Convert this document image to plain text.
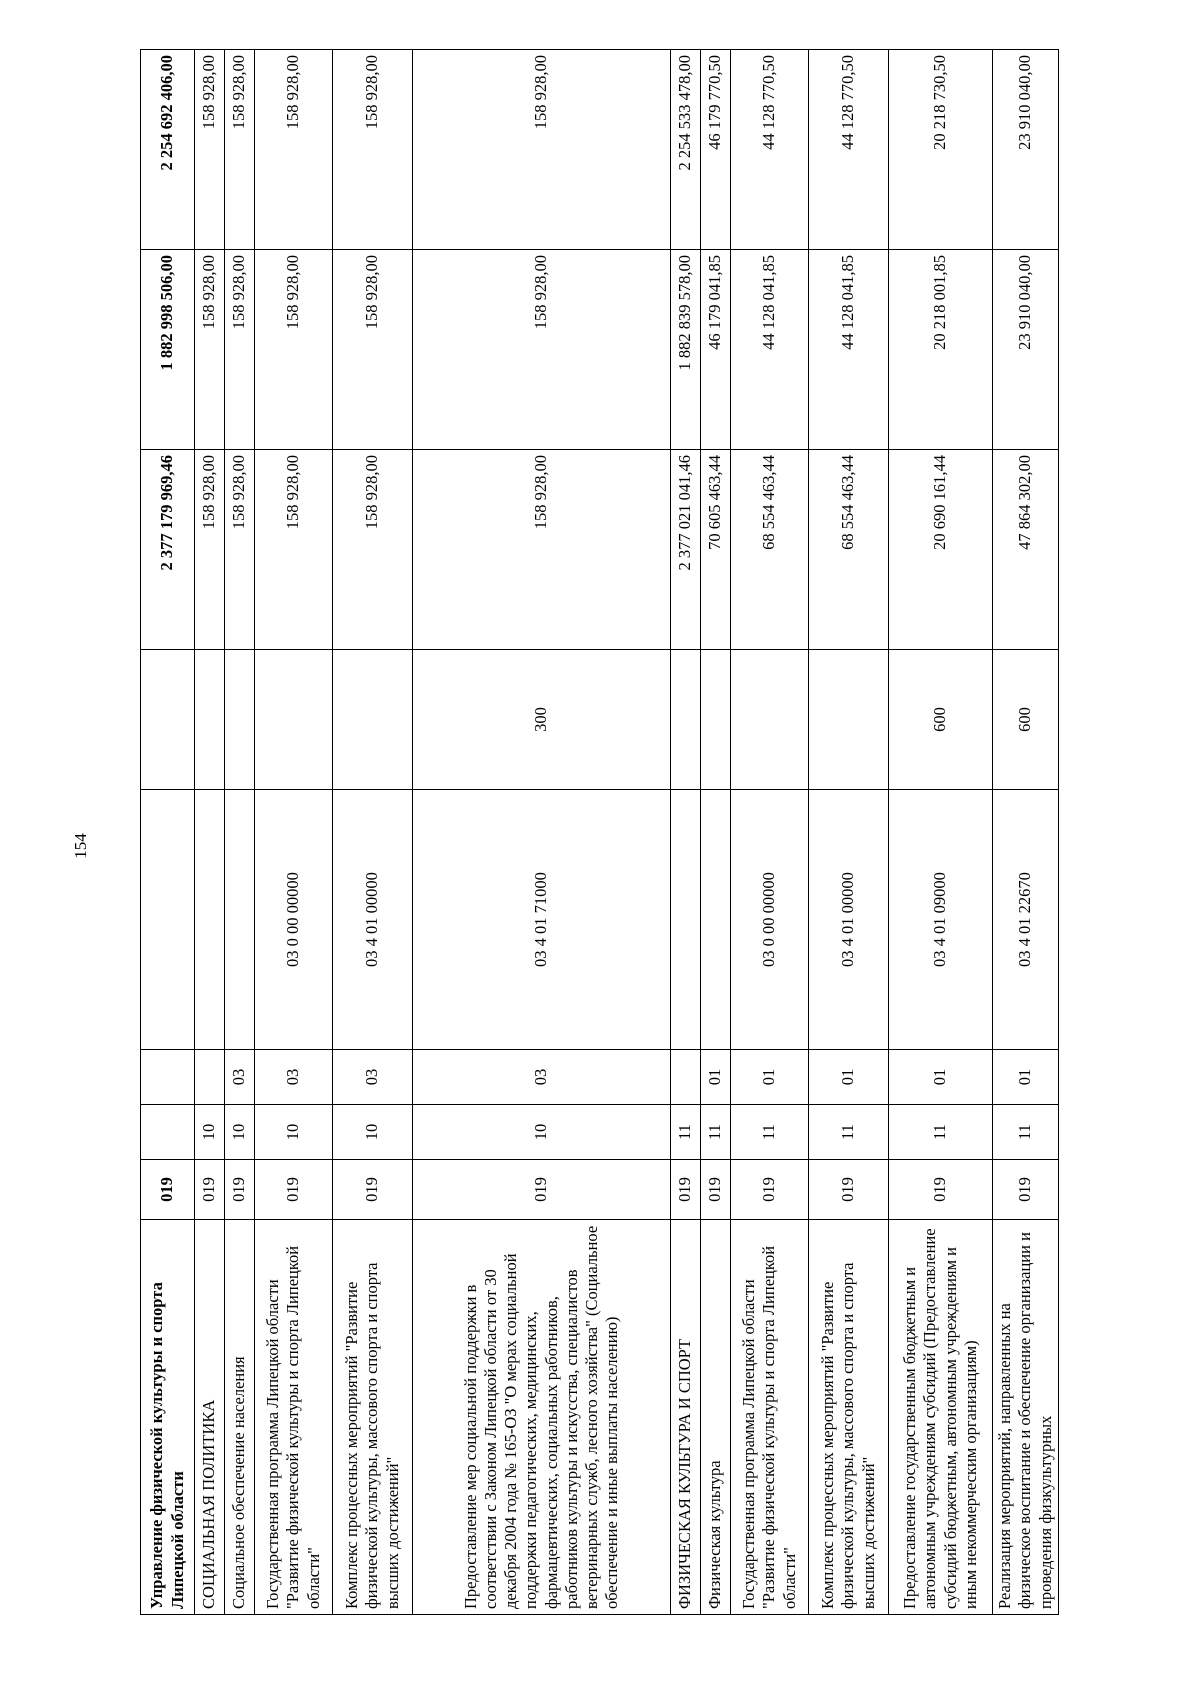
154
Управление физической культуры и спорта Липецкой области	019					2 377 179 969,46	1 882 998 506,00	2 254 692 406,00
СОЦИАЛЬНАЯ ПОЛИТИКА	019	10				158 928,00	158 928,00	158 928,00
Социальное обеспечение населения	019	10	03			158 928,00	158 928,00	158 928,00
Государственная программа Липецкой области "Развитие физической культуры и спорта Липецкой области"	019	10	03	03 0 00 00000		158 928,00	158 928,00	158 928,00
Комплекс процессных мероприятий "Развитие физической культуры, массового спорта и спорта высших достижений"	019	10	03	03 4 01 00000		158 928,00	158 928,00	158 928,00
Предоставление мер социальной поддержки в соответствии с Законом Липецкой области от 30 декабря 2004 года № 165-ОЗ "О мерах социальной поддержки педагогических, медицинских, фармацевтических, социальных работников, работников культуры и искусства, специалистов ветеринарных служб, лесного хозяйства" (Социальное обеспечение и иные выплаты населению)	019	10	03	03 4 01 71000	300	158 928,00	158 928,00	158 928,00
ФИЗИЧЕСКАЯ КУЛЬТУРА И СПОРТ	019	11				2 377 021 041,46	1 882 839 578,00	2 254 533 478,00
Физическая культура	019	11	01			70 605 463,44	46 179 041,85	46 179 770,50
Государственная программа Липецкой области "Развитие физической культуры и спорта Липецкой области"	019	11	01	03 0 00 00000		68 554 463,44	44 128 041,85	44 128 770,50
Комплекс процессных мероприятий "Развитие физической культуры, массового спорта и спорта высших достижений"	019	11	01	03 4 01 00000		68 554 463,44	44 128 041,85	44 128 770,50
Предоставление государственным бюджетным и автономным учреждениям субсидий (Предоставление субсидий бюджетным, автономным учреждениям и иным некоммерческим организациям)	019	11	01	03 4 01 09000	600	20 690 161,44	20 218 001,85	20 218 730,50
Реализация мероприятий, направленных на физическое воспитание и обеспечение организации и проведения физкультурных	019	11	01	03 4 01 22670	600	47 864 302,00	23 910 040,00	23 910 040,00
